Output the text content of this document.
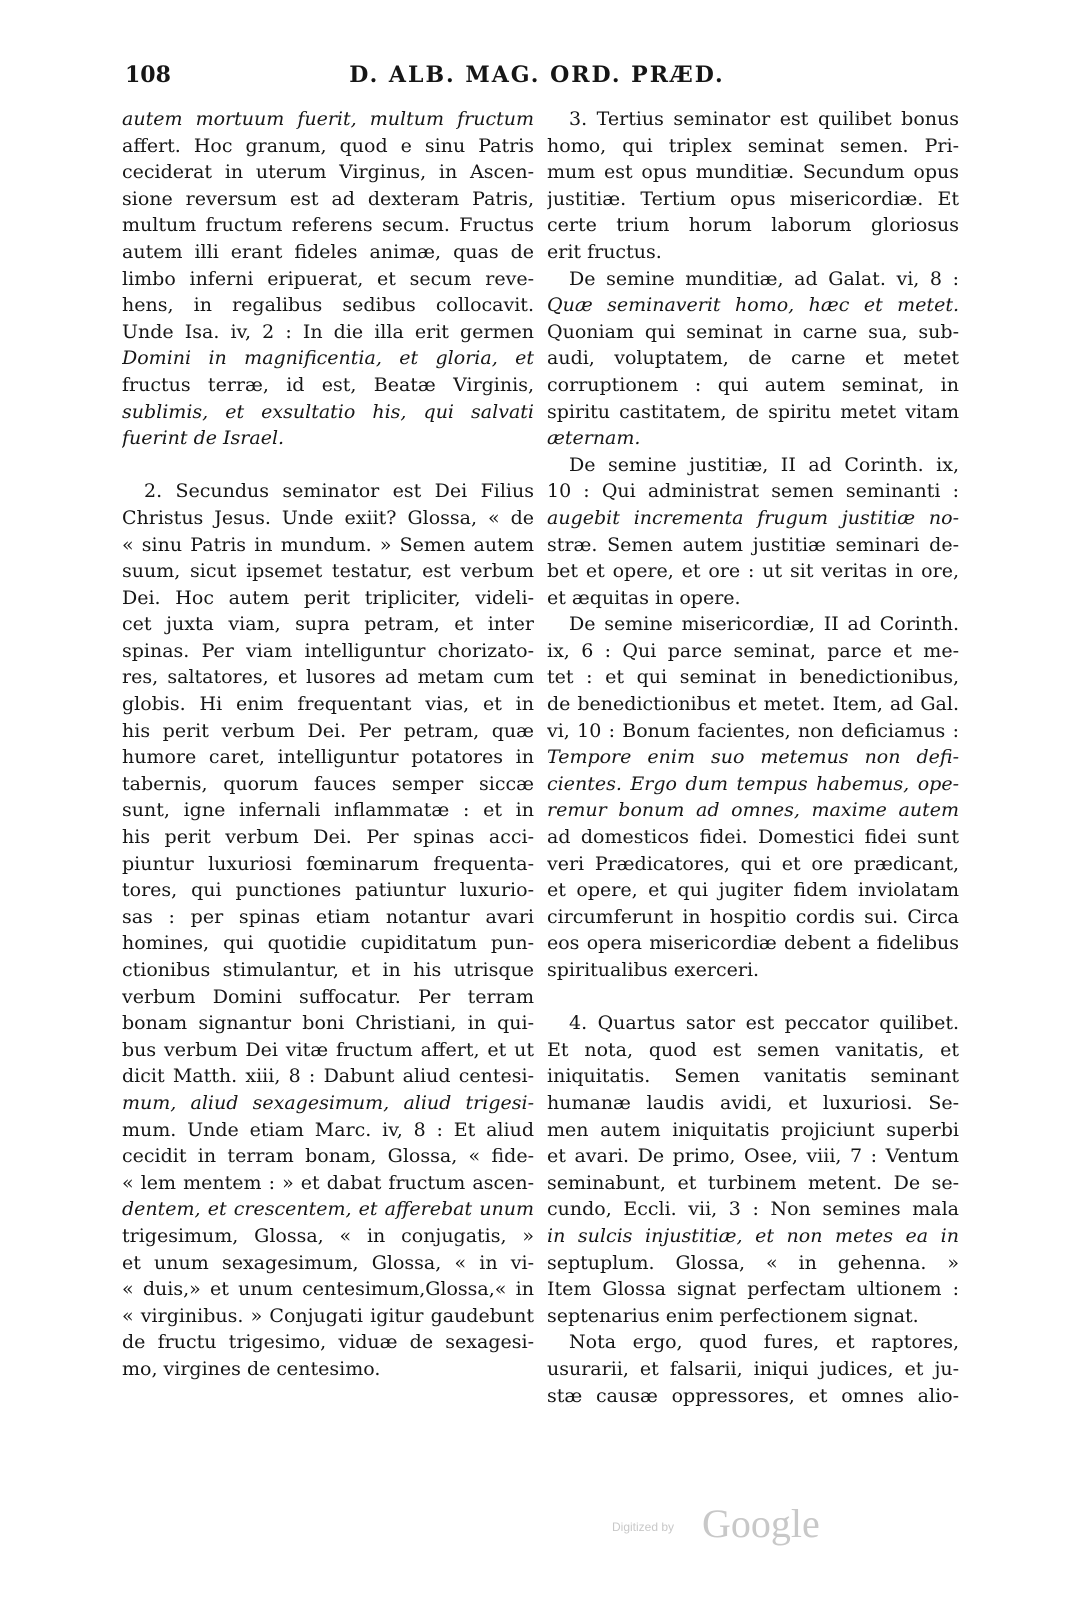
108	D. ALB. MAG. ORD. PRÆD.
autem mortuum fuerit, multum fructum
affert. Hoc granum, quod e sinu Patris
ceciderat in uterum Virginus, in Ascen-
sione reversum est ad dexteram Patris,
multum fructum referens secum. Fructus
autem illi erant fideles animæ, quas de
limbo inferni eripuerat, et secum reve-
hens, in regalibus sedibus collocavit.
Unde Isa. iv, 2 : In die illa erit germen
Domini in magnificentia, et gloria, et
fructus terræ, id est, Beatæ Virginis,
sublimis, et exsultatio his, qui salvati
fuerint de Israel.
2. Secundus seminator est Dei Filius
Christus Jesus. Unde exiit? Glossa, « de
« sinu Patris in mundum. » Semen autem
suum, sicut ipsemet testatur, est verbum
Dei. Hoc autem perit tripliciter, videli-
cet juxta viam, supra petram, et inter
spinas. Per viam intelliguntur chorizato-
res, saltatores, et lusores ad metam cum
globis. Hi enim frequentant vias, et in
his perit verbum Dei. Per petram, quæ
humore caret, intelliguntur potatores in
tabernis, quorum fauces semper siccæ
sunt, igne infernali inflammatæ : et in
his perit verbum Dei. Per spinas acci-
piuntur luxuriosi fœminarum frequenta-
tores, qui punctiones patiuntur luxurio-
sas : per spinas etiam notantur avari
homines, qui quotidie cupiditatum pun-
ctionibus stimulantur, et in his utrisque
verbum Domini suffocatur. Per terram
bonam signantur boni Christiani, in qui-
bus verbum Dei vitæ fructum affert, et ut
dicit Matth. xiii, 8 : Dabunt aliud centesi-
mum, aliud sexagesimum, aliud trigesi-
mum. Unde etiam Marc. iv, 8 : Et aliud
cecidit in terram bonam, Glossa, « fide-
« lem mentem : » et dabat fructum ascen-
dentem, et crescentem, et afferebat unum
trigesimum, Glossa, « in conjugatis, »
et unum sexagesimum, Glossa, « in vi-
« duis,» et unum centesimum,Glossa,« in
« virginibus. » Conjugati igitur gaudebunt
de fructu trigesimo, viduæ de sexagesi-
mo, virgines de centesimo.
3. Tertius seminator est quilibet bonus
homo, qui triplex seminat semen. Pri-
mum est opus munditiæ. Secundum opus
justitiæ. Tertium opus misericordiæ. Et
certe trium horum laborum gloriosus
erit fructus.
De semine munditiæ, ad Galat. vi, 8 :
Quæ seminaverit homo, hæc et metet.
Quoniam qui seminat in carne sua, sub-
audi, voluptatem, de carne et metet
corruptionem : qui autem seminat, in
spiritu castitatem, de spiritu metet vitam
æternam.
De semine justitiæ, II ad Corinth. ix,
10 : Qui administrat semen seminanti :
augebit incrementa frugum justitiæ no-
stræ. Semen autem justitiæ seminari de-
bet et opere, et ore : ut sit veritas in ore,
et æquitas in opere.
De semine misericordiæ, II ad Corinth.
ix, 6 : Qui parce seminat, parce et me-
tet : et qui seminat in benedictionibus,
de benedictionibus et metet. Item, ad Gal.
vi, 10 : Bonum facientes, non deficiamus :
Tempore enim suo metemus non defi-
cientes. Ergo dum tempus habemus, ope-
remur bonum ad omnes, maxime autem
ad domesticos fidei. Domestici fidei sunt
veri Prædicatores, qui et ore prædicant,
et opere, et qui jugiter fidem inviolatam
circumferunt in hospitio cordis sui. Circa
eos opera misericordiæ debent a fidelibus
spiritualibus exerceri.
4. Quartus sator est peccator quilibet.
Et nota, quod est semen vanitatis, et
iniquitatis. Semen vanitatis seminant
humanæ laudis avidi, et luxuriosi. Se-
men autem iniquitatis projiciunt superbi
et avari. De primo, Osee, viii, 7 : Ventum
seminabunt, et turbinem metent. De se-
cundo, Eccli. vii, 3 : Non semines mala
in sulcis injustitiæ, et non metes ea in
septuplum. Glossa, « in gehenna. »
Item Glossa signat perfectam ultionem :
septenarius enim perfectionem signat.
Nota ergo, quod fures, et raptores,
usurarii, et falsarii, iniqui judices, et ju-
stæ causæ oppressores, et omnes alio-
Digitized by Google
